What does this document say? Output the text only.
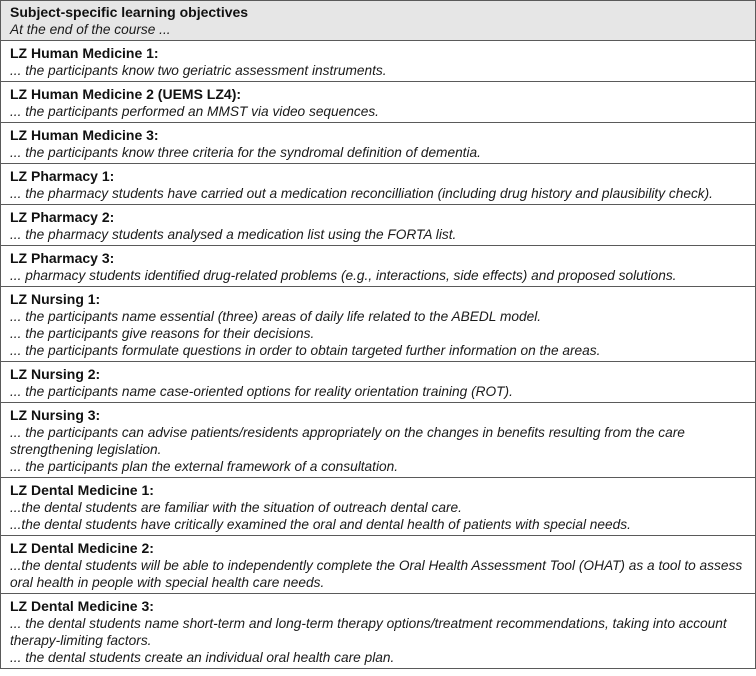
Subject-specific learning objectives
At the end of the course ...

LZ Human Medicine 1:
... the participants know two geriatric assessment instruments.

LZ Human Medicine 2 (UEMS LZ4):
... the participants performed an MMST via video sequences.

LZ Human Medicine 3:
... the participants know three criteria for the syndromal definition of dementia.

LZ Pharmacy 1:
... the pharmacy students have carried out a medication reconcilliation (including drug history and plausibility check).

LZ Pharmacy 2:
... the pharmacy students analysed a medication list using the FORTA list.

LZ Pharmacy 3:
... pharmacy students identified drug-related problems (e.g., interactions, side effects) and proposed solutions.

LZ Nursing 1:
... the participants name essential (three) areas of daily life related to the ABEDL model.
... the participants give reasons for their decisions.
... the participants formulate questions in order to obtain targeted further information on the areas.

LZ Nursing 2:
... the participants name case-oriented options for reality orientation training (ROT).

LZ Nursing 3:
... the participants can advise patients/residents appropriately on the changes in benefits resulting from the care strengthening legislation.
... the participants plan the external framework of a consultation.

LZ Dental Medicine 1:
...the dental students are familiar with the situation of outreach dental care.
...the dental students have critically examined the oral and dental health of patients with special needs.

LZ Dental Medicine 2:
...the dental students will be able to independently complete the Oral Health Assessment Tool (OHAT) as a tool to assess oral health in people with special health care needs.

LZ Dental Medicine 3:
... the dental students name short-term and long-term therapy options/treatment recommendations, taking into account therapy-limiting factors.
... the dental students create an individual oral health care plan.
